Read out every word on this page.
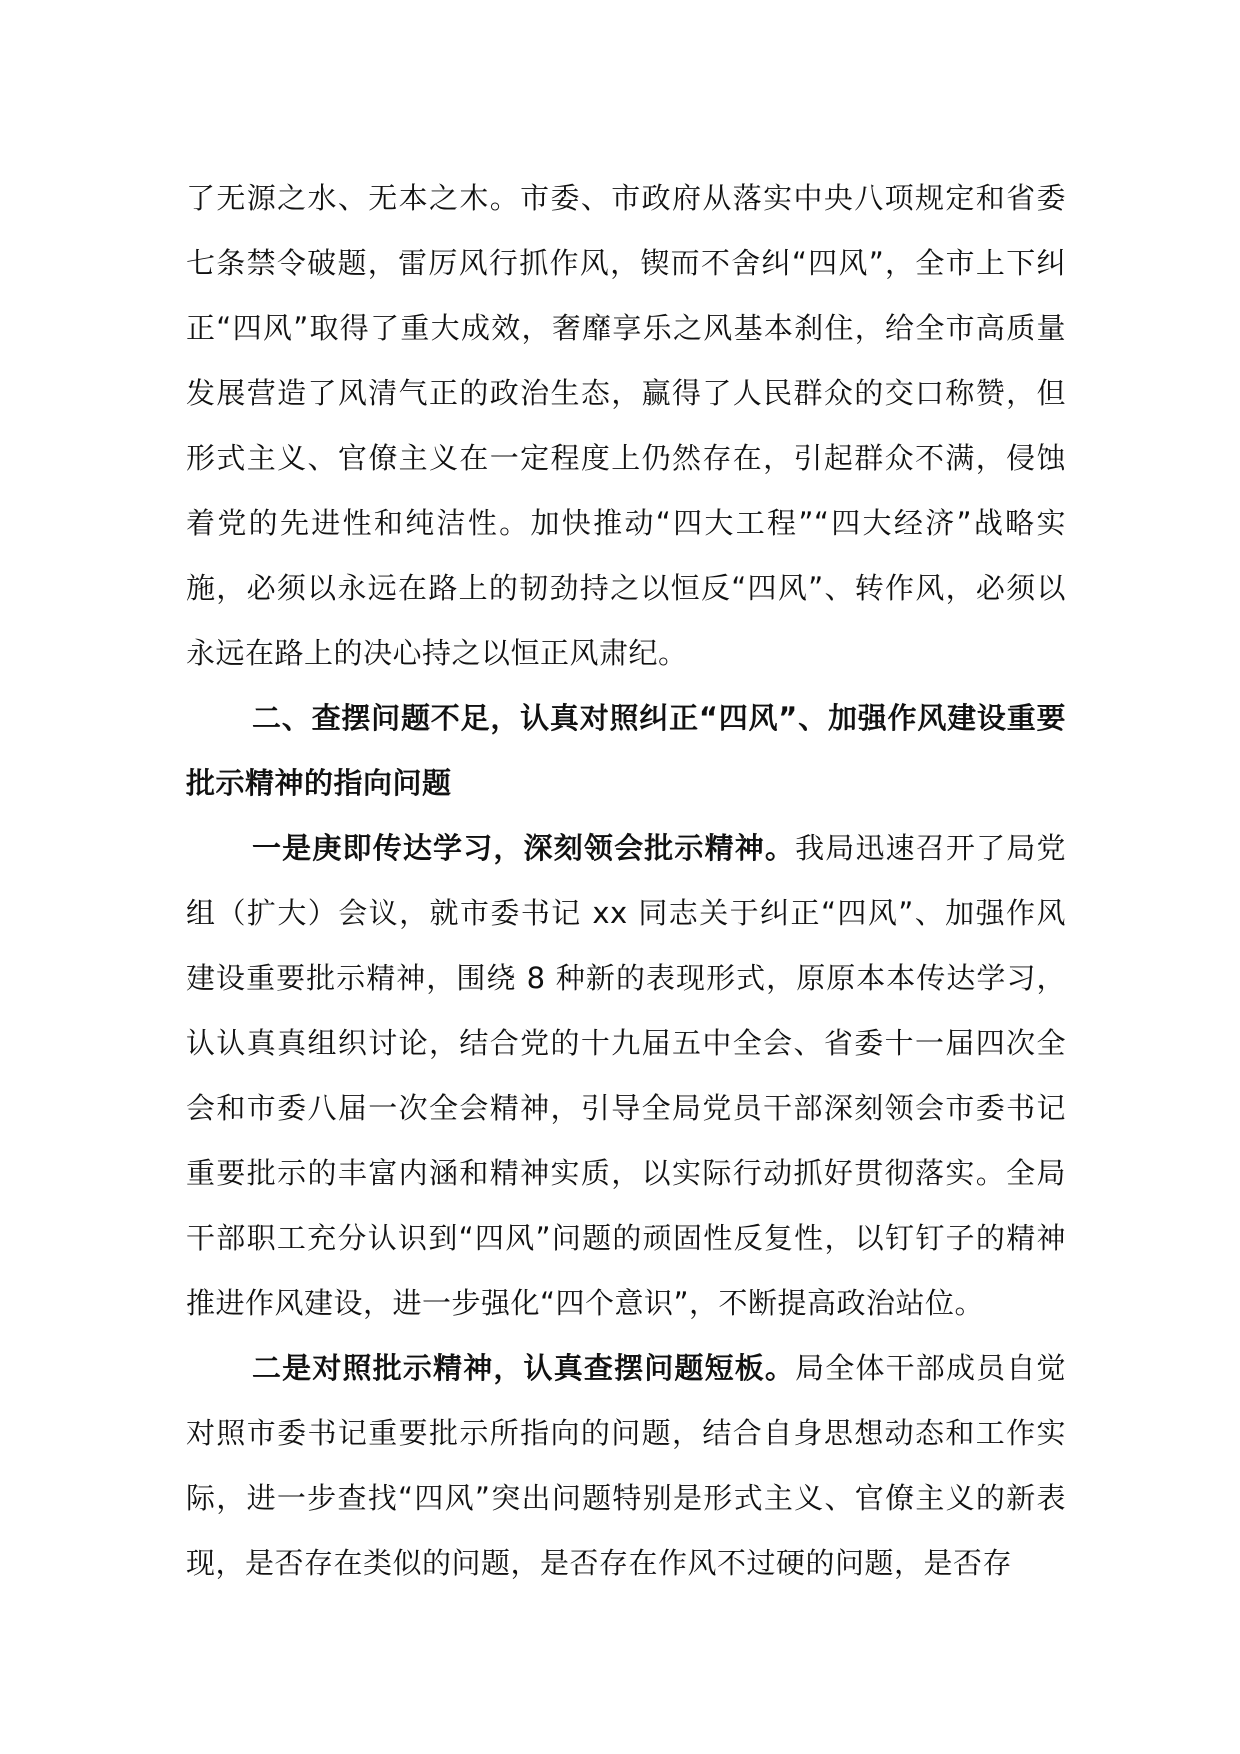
了无源之水、无本之木。市委、市政府从落实中央八项规定和省委七条禁令破题，雷厉风行抓作风，锲而不舍纠“四风”，全市上下纠正“四风”取得了重大成效，奢靡享乐之风基本刹住，给全市高质量发展营造了风清气正的政治生态，赢得了人民群众的交口称赞，但形式主义、官僚主义在一定程度上仍然存在，引起群众不满，侵蚀着党的先进性和纯洁性。加快推动“四大工程”“四大经济”战略实施，必须以永远在路上的韧劲持之以恒反“四风”、转作风，必须以永远在路上的决心持之以恒正风肃纪。

二、查摆问题不足，认真对照纠正“四风”、加强作风建设重要批示精神的指向问题

一是庚即传达学习，深刻领会批示精神。我局迅速召开了局党组（扩大）会议，就市委书记 xx 同志关于纠正“四风”、加强作风建设重要批示精神，围绕 8 种新的表现形式，原原本本传达学习，认认真真组织讨论，结合党的十九届五中全会、省委十一届四次全会和市委八届一次全会精神，引导全局党员干部深刻领会市委书记重要批示的丰富内涵和精神实质，以实际行动抓好贯彻落实。全局干部职工充分认识到“四风”问题的顽固性反复性，以钉钉子的精神推进作风建设，进一步强化“四个意识”，不断提高政治站位。

二是对照批示精神，认真查摆问题短板。局全体干部成员自觉对照市委书记重要批示所指向的问题，结合自身思想动态和工作实际，进一步查找“四风”突出问题特别是形式主义、官僚主义的新表现，是否存在类似的问题，是否存在作风不过硬的问题，是否存
